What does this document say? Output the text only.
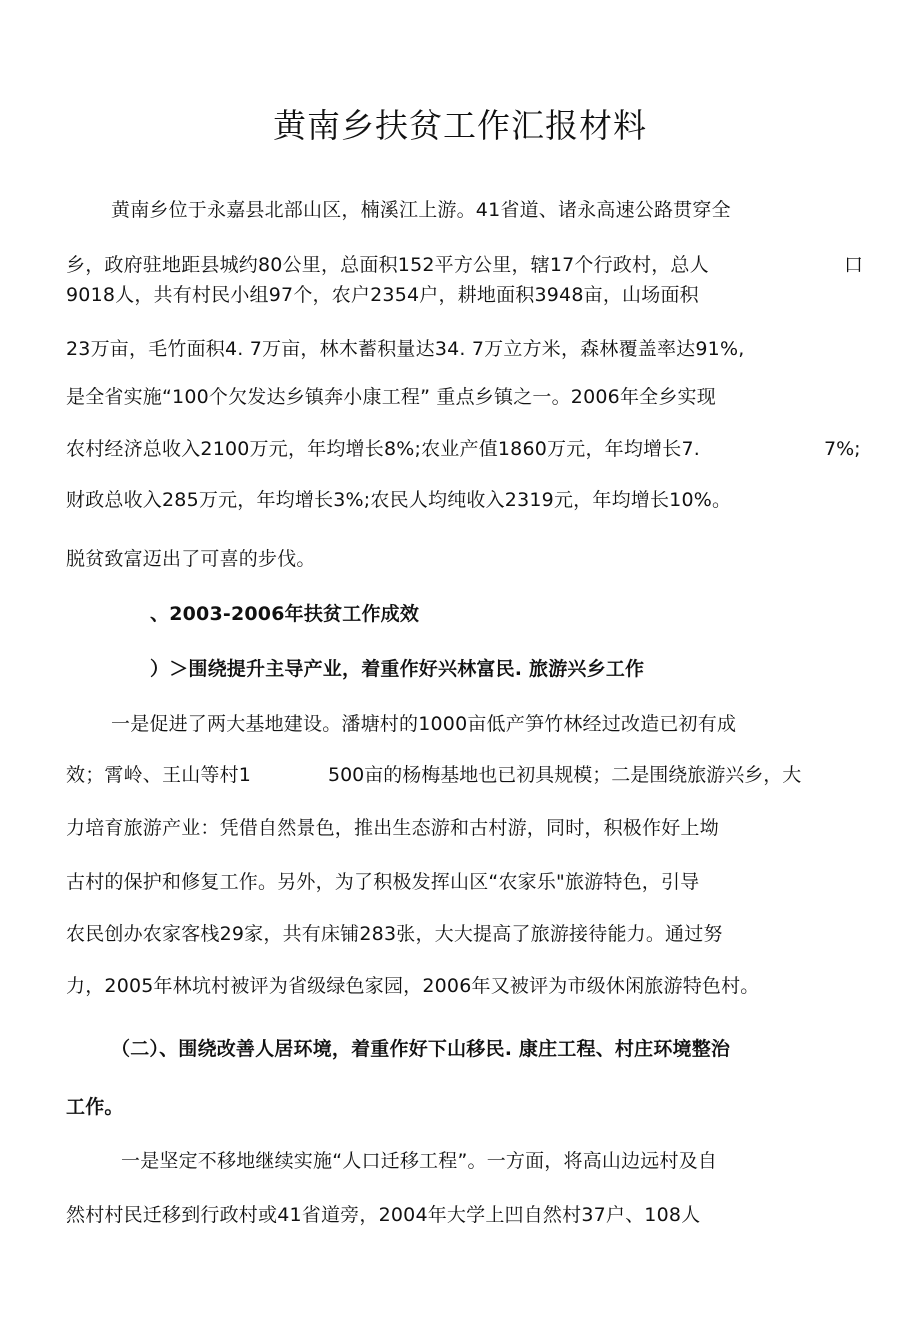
黄南乡扶贫工作汇报材料
黄南乡位于永嘉县北部山区，楠溪江上游。41省道、诸永高速公路贯穿全
乡，政府驻地距县城约80公里，总面积152平方公里，辖17个行政村，总人	口
9018人，共有村民小组97个，农户2354户，耕地面积3948亩，山场面积
23万亩，毛竹面积4. 7万亩，林木蓄积量达34. 7万立方米，森林覆盖率达91%,
是全省实施“100个欠发达乡镇奔小康工程” 重点乡镇之一。2006年全乡实现
农村经济总收入2100万元，年均增长8%;农业产值1860万元，年均增长7.	7%;
财政总收入285万元，年均增长3%;农民人均纯收入2319元，年均增长10%。
脱贫致富迈出了可喜的步伐。
、2003-2006年扶贫工作成效
）＞围绕提升主导产业，着重作好兴林富民. 旅游兴乡工作
一是促进了两大基地建设。潘塘村的1000亩低产笋竹林经过改造已初有成
效；霄岭、王山等村1	500亩的杨梅基地也已初具规模；二是围绕旅游兴乡，大
力培育旅游产业：凭借自然景色，推出生态游和古村游，同时，积极作好上坳
古村的保护和修复工作。另外，为了积极发挥山区“农家乐"旅游特色，引导
农民创办农家客栈29家，共有床铺283张，大大提高了旅游接待能力。通过努
力，2005年林坑村被评为省级绿色家园，2006年又被评为市级休闲旅游特色村。
（二）、围绕改善人居环境，着重作好下山移民. 康庄工程、村庄环境整治
工作。
一是坚定不移地继续实施“人口迁移工程”。一方面，将高山边远村及自
然村村民迁移到行政村或41省道旁，2004年大学上凹自然村37户、108人
